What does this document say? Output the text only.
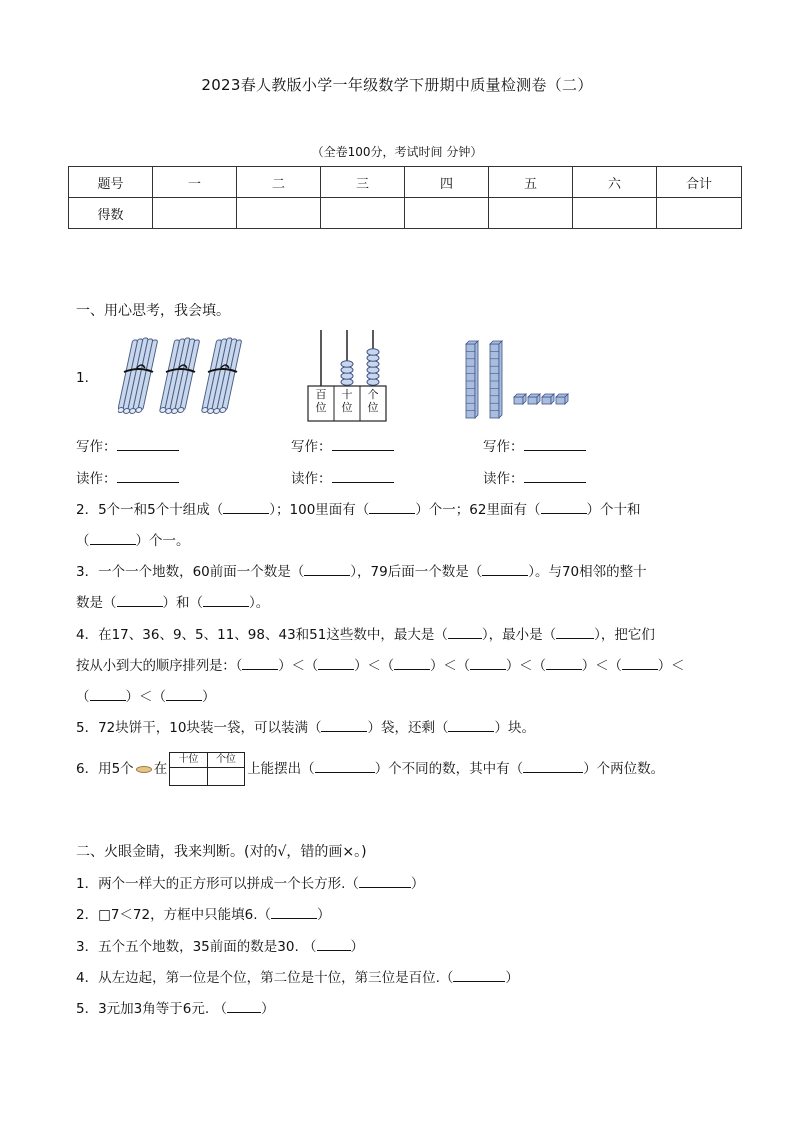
2023春人教版小学一年级数学下册期中质量检测卷（二）
（全卷100分，考试时间 分钟）
题号	一	二	三	四	五	六	合计
得数							
一、用心思考，我会填。
1.
百
位
十
位
个
位
写作：	写作：	写作：
读作：	读作：	读作：
2．5个一和5个十组成（	）；100里面有（	）个一；62里面有（	）个十和
（	）个一。
3．一个一个地数，60前面一个数是（	），79后面一个数是（	）。与70相邻的整十
数是（	）和（	）。
4．在17、36、9、5、11、98、43和51这些数中，最大是（	），最小是（	），把它们
按从小到大的顺序排列是：（	）＜（	）＜（	）＜（	）＜（	）＜（	）＜
（	）＜（	）
5．72块饼干，10块装一袋，可以装满（	）袋，还剩（	）块。
6．用5个 在
十位	个位
上能摆出（	）个不同的数，其中有（	）个两位数。
二、火眼金睛，我来判断。(对的√，错的画×。)
1．两个一样大的正方形可以拼成一个长方形.（	）
2．□7＜72，方框中只能填6.（	）
3．五个五个地数，35前面的数是30. （	）
4．从左边起，第一位是个位，第二位是十位，第三位是百位.（	）
5．3元加3角等于6元. （	）
